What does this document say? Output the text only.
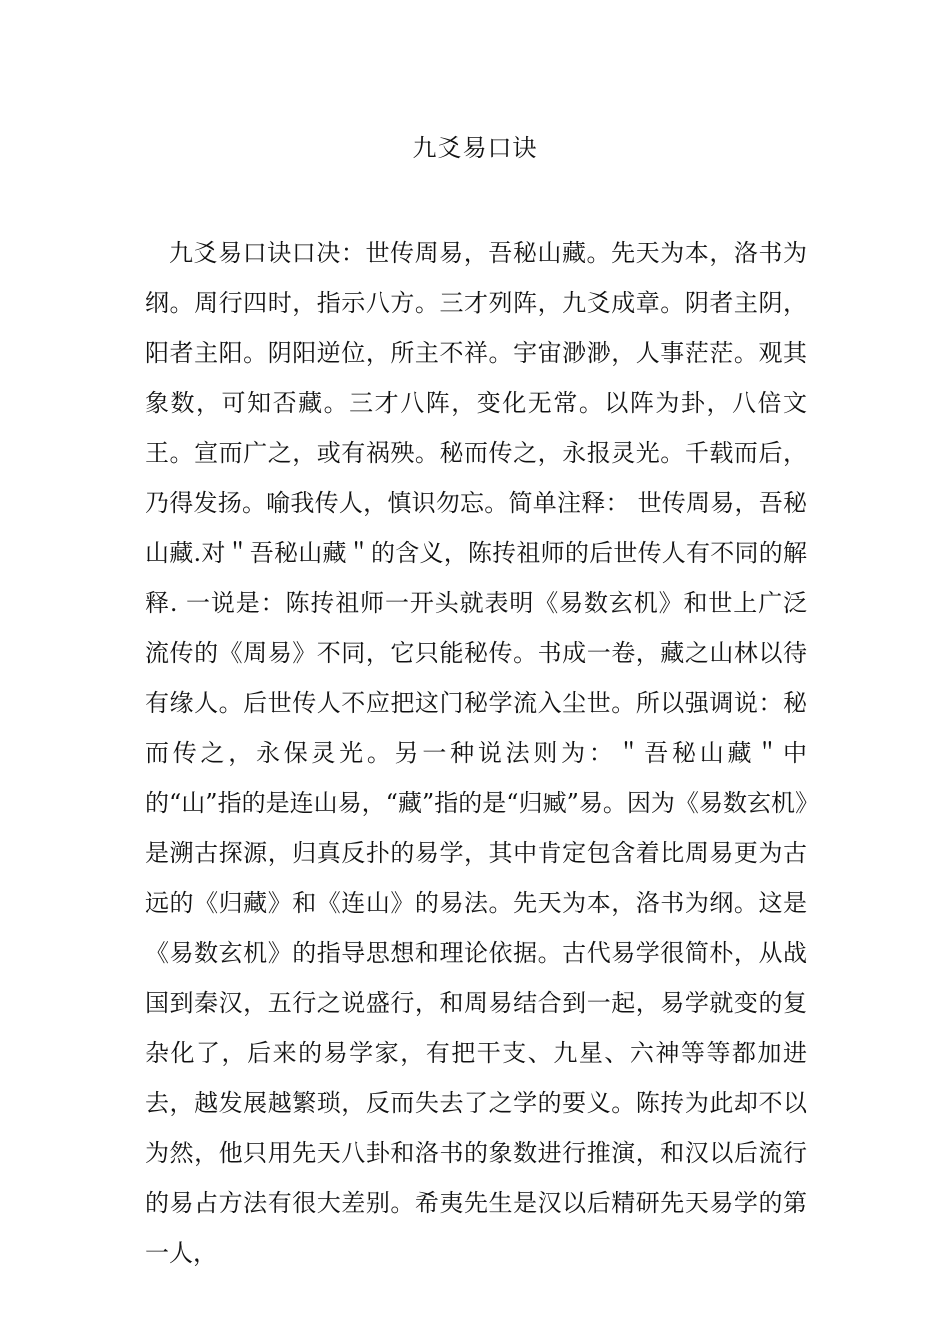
九爻易口诀

九爻易口诀口决：世传周易，吾秘山藏。先天为本，洛书为纲。周行四时，指示八方。三才列阵，九爻成章。阴者主阴，阳者主阳。阴阳逆位，所主不祥。宇宙渺渺，人事茫茫。观其象数，可知否藏。三才八阵，变化无常。以阵为卦，八倍文王。宣而广之，或有祸殃。秘而传之，永报灵光。千载而后，乃得发扬。喻我传人，慎识勿忘。简单注释： 世传周易，吾秘山藏.对＂吾秘山藏＂的含义，陈抟祖师的后世传人有不同的解释. 一说是：陈抟祖师一开头就表明《易数玄机》和世上广泛流传的《周易》不同，它只能秘传。书成一卷，藏之山林以待有缘人。后世传人不应把这门秘学流入尘世。所以强调说：秘而传之，永保灵光。另一种说法则为：＂吾秘山藏＂中的“山”指的是连山易，“藏”指的是“归臧”易。因为《易数玄机》是溯古探源，归真反扑的易学，其中肯定包含着比周易更为古远的《归藏》和《连山》的易法。先天为本，洛书为纲。这是《易数玄机》的指导思想和理论依据。古代易学很简朴，从战国到秦汉，五行之说盛行，和周易结合到一起，易学就变的复杂化了，后来的易学家，有把干支、九星、六神等等都加进去，越发展越繁琐，反而失去了之学的要义。陈抟为此却不以为然，他只用先天八卦和洛书的象数进行推演，和汉以后流行的易占方法有很大差别。希夷先生是汉以后精研先天易学的第一人，
